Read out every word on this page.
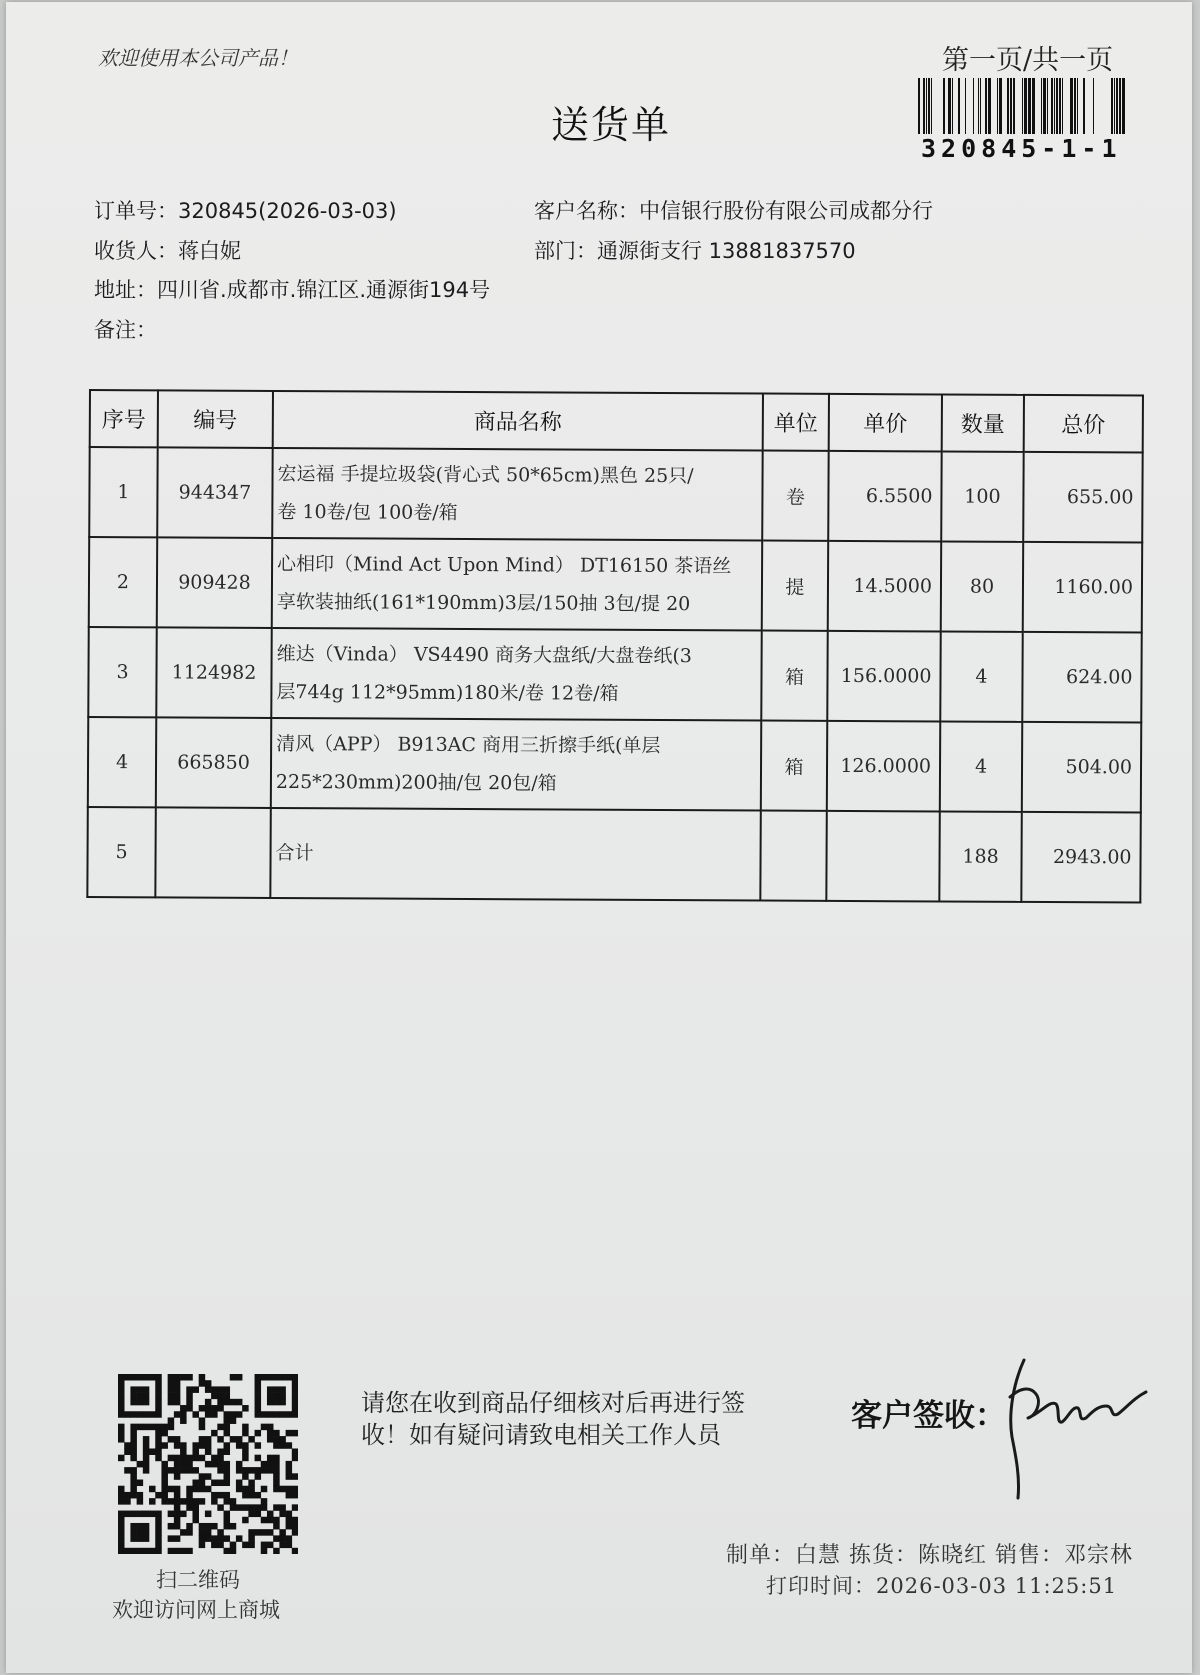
欢迎使用本公司产品！
送货单
第一页/共一页
320845-1-1
订单号：320845(2026-03-03)	客户名称：中信银行股份有限公司成都分行
收货人：蒋白妮	部门：通源街支行 13881837570
地址：四川省.成都市.锦江区.通源街194号
备注：
序号	编号	商品名称	单位	单价	数量	总价
1	944347	宏运福 手提垃圾袋(背心式 50*65cm)黑色 25只/
卷 10卷/包 100卷/箱	卷	6.5500	100	655.00
2	909428	心相印（Mind Act Upon Mind） DT16150 茶语丝
享软装抽纸(161*190mm)3层/150抽 3包/提 20	提	14.5000	80	1160.00
3	1124982	维达（Vinda） VS4490 商务大盘纸/大盘卷纸(3
层744g 112*95mm)180米/卷 12卷/箱	箱	156.0000	4	624.00
4	665850	清风（APP） B913AC 商用三折擦手纸(单层
225*230mm)200抽/包 20包/箱	箱	126.0000	4	504.00
5		合计			188	2943.00
扫二维码
欢迎访问网上商城
请您在收到商品仔细核对后再进行签收！如有疑问请致电相关工作人员
客户签收：
制单：白慧 拣货：陈晓红 销售：邓宗林
打印时间：2026-03-03 11:25:51
